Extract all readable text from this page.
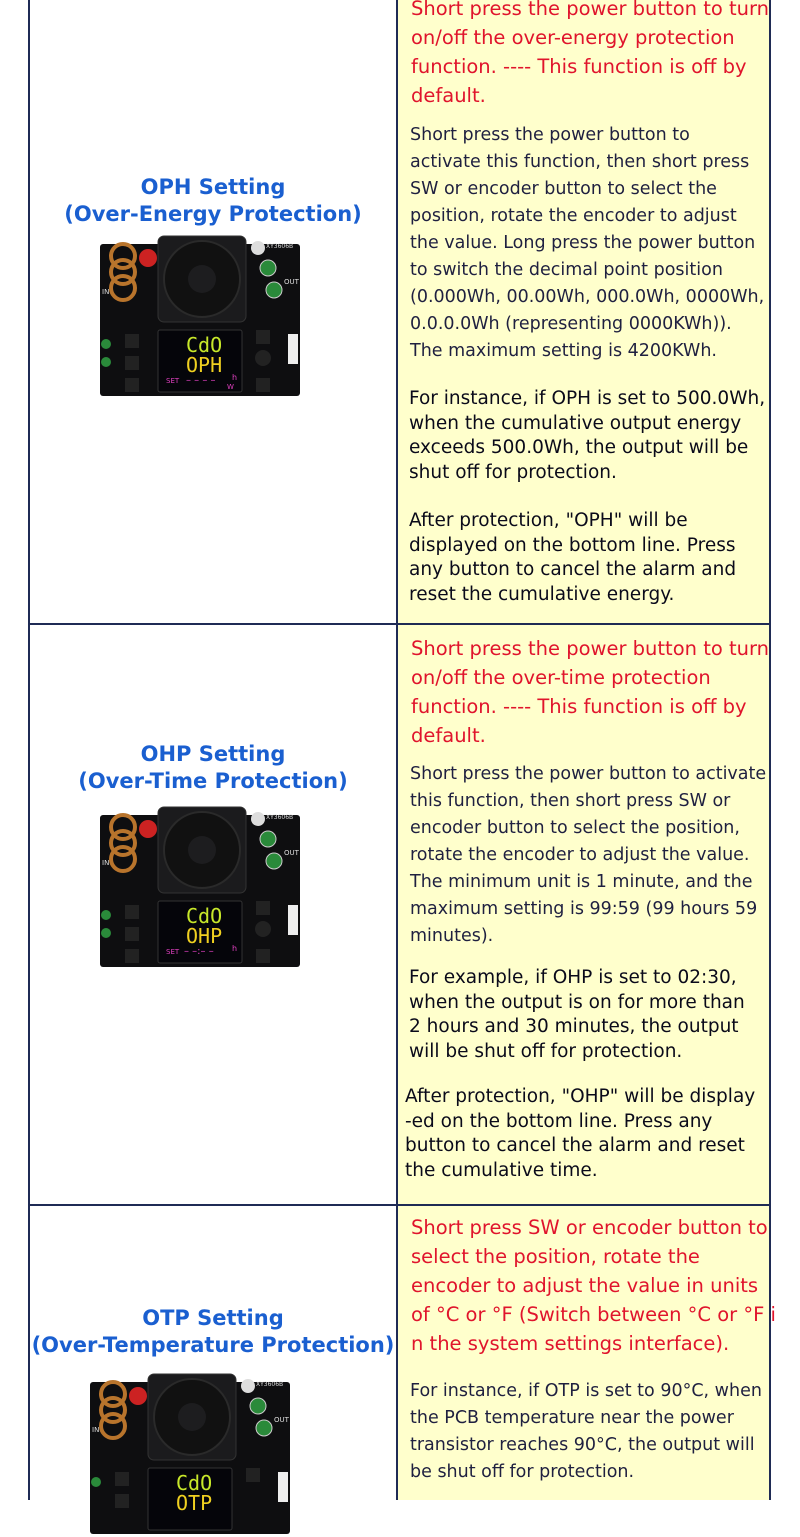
OPH Setting
(Over-Energy Protection)
XY3606B
OUT
IN
CdO
OPH
SET – – – – h
W
Short press the power button to turn
on/off the over-energy protection
function. ---- This function is off by
default.
Short press the power button to
activate this function, then short press
SW or encoder button to select the
position, rotate the encoder to adjust
the value. Long press the power button
to switch the decimal point position
(0.000Wh, 00.00Wh, 000.0Wh, 0000Wh,
0.0.0.0Wh (representing 0000KWh)).
The maximum setting is 4200KWh.
For instance, if OPH is set to 500.0Wh,
when the cumulative output energy
exceeds 500.0Wh, the output will be
shut off for protection.
After protection, "OPH" will be
displayed on the bottom line. Press
any button to cancel the alarm and
reset the cumulative energy.
OHP Setting
(Over-Time Protection)
XY3606B
OUT
IN
CdO
OHP
SET – –:– – h
Short press the power button to turn
on/off the over-time protection
function. ---- This function is off by
default.
Short press the power button to activate
this function, then short press SW or
encoder button to select the position,
rotate the encoder to adjust the value.
The minimum unit is 1 minute, and the
maximum setting is 99:59 (99 hours 59
minutes).
For example, if OHP is set to 02:30,
when the output is on for more than
2 hours and 30 minutes, the output
will be shut off for protection.
After protection, "OHP" will be display
-ed on the bottom line. Press any
button to cancel the alarm and reset
the cumulative time.
OTP Setting
(Over-Temperature Protection)
XY3606B
OUT
IN
CdO
OTP
Short press SW or encoder button to
select the position, rotate the
encoder to adjust the value in units
of °C or °F (Switch between °C or °F i
n the system settings interface).
For instance, if OTP is set to 90°C, when
the PCB temperature near the power
transistor reaches 90°C, the output will
be shut off for protection.
